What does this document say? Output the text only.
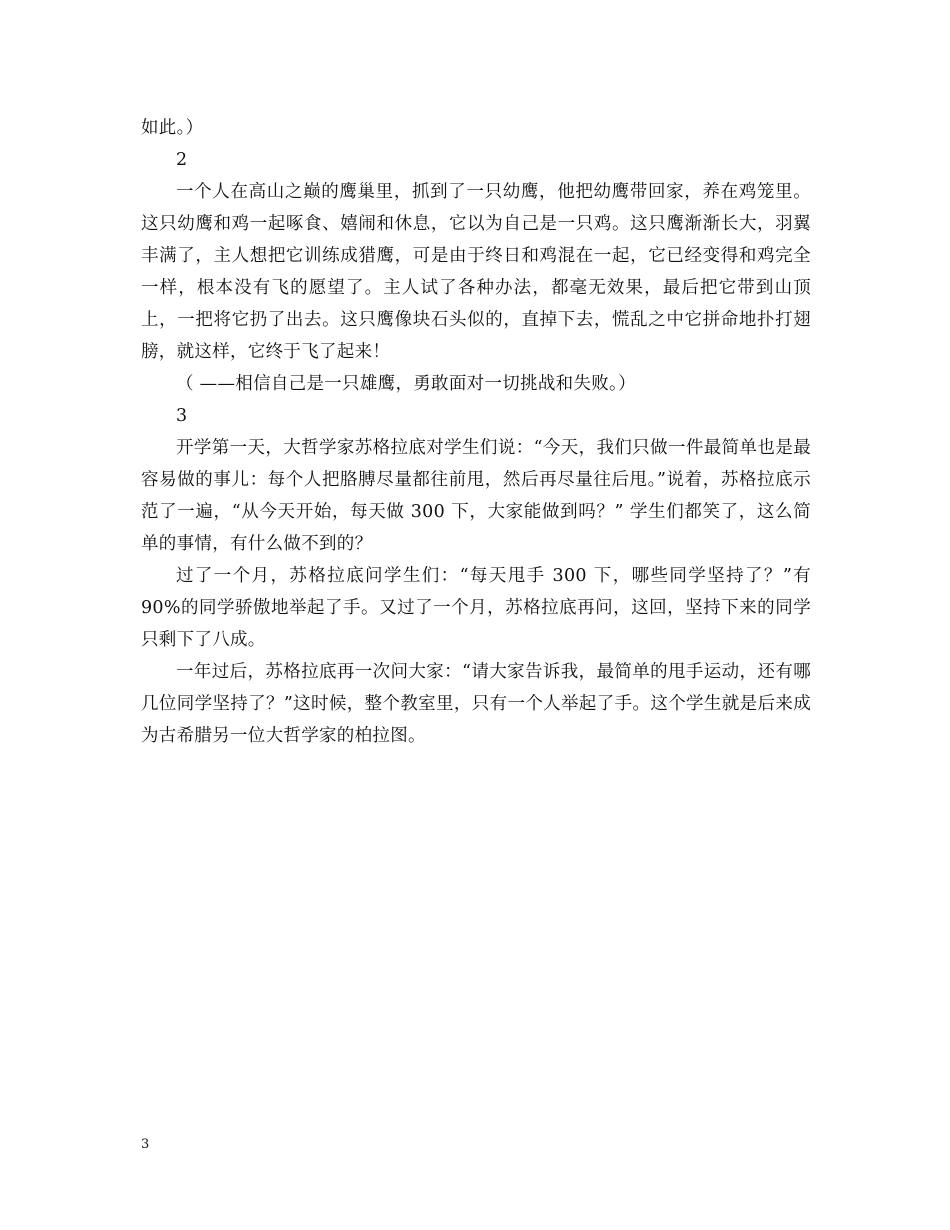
如此。）

2

一个人在高山之巅的鹰巢里，抓到了一只幼鹰，他把幼鹰带回家，养在鸡笼里。这只幼鹰和鸡一起啄食、嬉闹和休息，它以为自己是一只鸡。这只鹰渐渐长大，羽翼丰满了，主人想把它训练成猎鹰，可是由于终日和鸡混在一起，它已经变得和鸡完全一样，根本没有飞的愿望了。主人试了各种办法，都毫无效果，最后把它带到山顶上，一把将它扔了出去。这只鹰像块石头似的，直掉下去，慌乱之中它拼命地扑打翅膀，就这样，它终于飞了起来！

（ ——相信自己是一只雄鹰，勇敢面对一切挑战和失败。）

3

开学第一天，大哲学家苏格拉底对学生们说：“今天，我们只做一件最简单也是最容易做的事儿：每个人把胳膊尽量都往前甩，然后再尽量往后甩。”说着，苏格拉底示范了一遍，“从今天开始，每天做 300 下，大家能做到吗？” 学生们都笑了，这么简单的事情，有什么做不到的？

过了一个月，苏格拉底问学生们：“每天甩手 300 下，哪些同学坚持了？”有 90%的同学骄傲地举起了手。又过了一个月，苏格拉底再问，这回，坚持下来的同学只剩下了八成。

一年过后，苏格拉底再一次问大家：“请大家告诉我，最简单的甩手运动，还有哪几位同学坚持了？”这时候，整个教室里，只有一个人举起了手。这个学生就是后来成为古希腊另一位大哲学家的柏拉图。

3
